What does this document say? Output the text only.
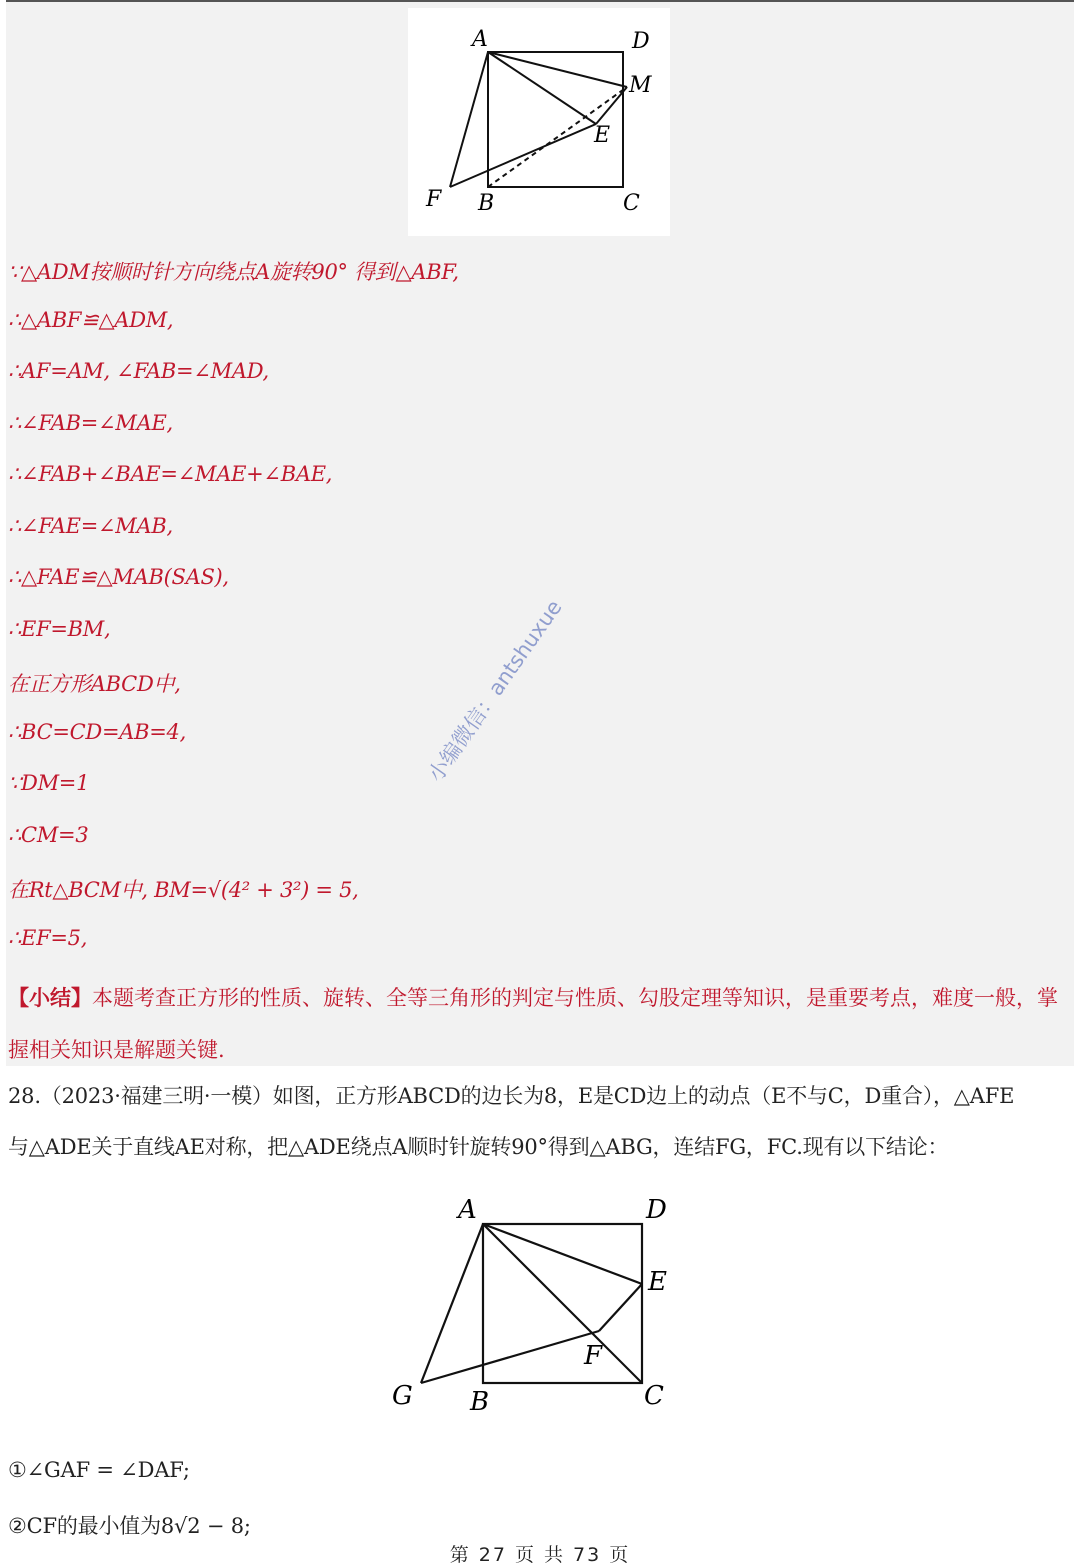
A	D
M
E
F B	C
∵△ADM按顺时针方向绕点A旋转90° 得到△ABF,
∴△ABF≌△ADM,
∴AF=AM, ∠FAB=∠MAD,
∴∠FAB=∠MAE,
∴∠FAB+∠BAE=∠MAE+∠BAE,
∴∠FAE=∠MAB,
∴△FAE≌△MAB(SAS),
∴EF=BM,
在正方形ABCD中,
∴BC=CD=AB=4,
∵DM=1
∴CM=3
在Rt△BCM中, BM=√(4² + 3²) = 5,
∴EF=5,
【小结】本题考查正方形的性质、旋转、全等三角形的判定与性质、勾股定理等知识，是重要考点，难度一般，掌握相关知识是解题关键.
28.（2023·福建三明·一模）如图，正方形ABCD的边长为8，E是CD边上的动点（E不与C，D重合），△AFE
与△ADE关于直线AE对称，把△ADE绕点A顺时针旋转90°得到△ABG，连结FG，FC.现有以下结论：
A	D
E
F
G B	C
①∠GAF = ∠DAF;
②CF的最小值为8√2 − 8;
小编微信：antshuxue
第 27 页 共 73 页
